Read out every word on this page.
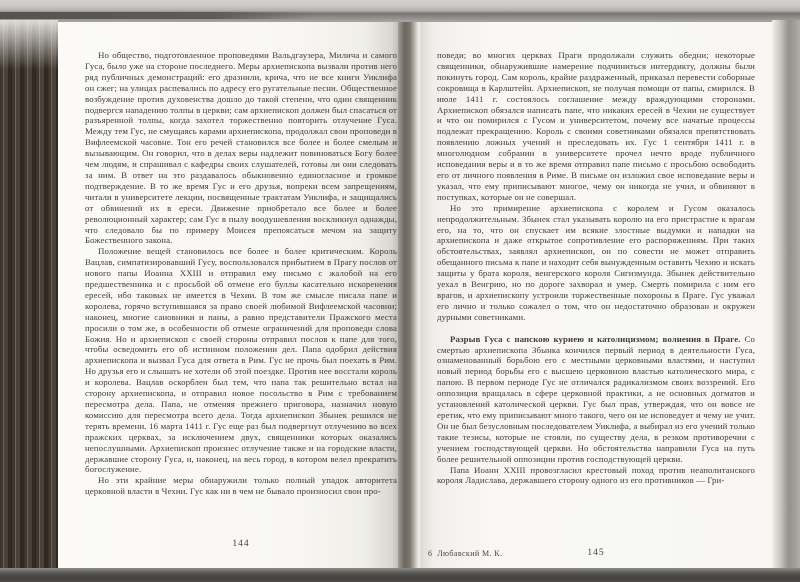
Но общество, подготовленное проповедями Вальдгаузера, Милича и самого Гуса, было уже на стороне последнего. Меры архиепископа вызвали против него ряд публичных демонстраций: его дразнили, крича, что не все книги Уиклифа он сжег; на улицах распевались по адресу его ругательные песни. Общественное возбуждение против духовенства дошло до такой степени, что один священник подвергся нападению толпы в церкви; сам архиепископ должен был спасаться от разъяренной толпы, когда захотел торжественно повторить отлучение Гуса. Между тем Гус, не смущаясь карами архиепископа, продолжал свои проповеди в Вифлеемской часовне. Тон его речей становился все более и более смелым и вызывающим. Он говорил, что в делах веры надлежит повиноваться Богу более чем людям, и спрашивал с кафедры своих слушателей, готовы ли они следовать за ним. В ответ на это раздавалось обыкновенно единогласное и громкое подтверждение. В то же время Гус и его друзья, вопреки всем запрещениям, читали в университете лекции, посвященные трактатам Уиклифа, и защищались от обвинений их в ереси. Движение приобретало все более и более революционный характер; сам Гус в пылу воодушевления воскликнул однажды, что следовало бы по примеру Моисея препоясаться мечом на защиту Божественного закона.

Положение вещей становилось все более и более критическим. Король Вацлав, симпатизировавший Гусу, воспользовался прибытием в Прагу послов от нового папы Иоанна XXIII и отправил ему письмо с жалобой на его предшественника и с просьбой об отмене его буллы касательно искоренения ересей, ибо таковых не имеется в Чехии. В том же смысле писала папе и королева, горячо вступившаяся за право своей любимой Вифлеемской часовни; наконец, многие сановники и паны, а равно представители Пражского места просили о том же, в особенности об отмене ограничений для проповеди слова Божия. Но и архиепископ с своей стороны отправил послов к папе для того, чтобы осведомить его об истинном положении дел. Папа одобрил действия архиепископа и вызвал Гуса для ответа в Рим. Гус не прочь был поехать в Рим. Но друзья его и слышать не хотели об этой поездке. Против нее восстали король и королева. Вацлав оскорблен был тем, что папа так решительно встал на сторону архиепископа, и отправил новое посольство в Рим с требованием пересмотра дела. Папа, не отменяя прежнего приговора, назначил новую комиссию для пересмотра всего дела. Тогда архиепископ Збынек решился не терять времени. 16 марта 1411 г. Гус еще раз был подвергнут отлучению во всех пражских церквах, за исключением двух, священники которых оказались непослушными. Архиепископ произнес отлучение также и на городские власти, державшие сторону Гуса, и, наконец, на весь город, в котором велел прекратить богослужение.

Но эти крайние меры обнаружили только полный упадок авторитета церковной власти в Чехии. Гус как ни в чем не бывало произносил свои про-

144

поведи; во многих церквах Праги продолжали служить обедни; некоторые священники, обнаружившие намерение подчиниться интердикту, должны были покинуть город. Сам король, крайне раздраженный, приказал перевести соборные сокровища в Карлштейн. Архиепископ, не получая помощи от папы, смирился. В июле 1411 г. состоялось соглашение между враждующими сторонами. Архиепископ обязался написать папе, что никаких ересей в Чехии не существует и что он помирился с Гусом и университетом, почему все начатые процессы подлежат прекращению. Король с своими советниками обязался препятствовать появлению ложных учений и преследовать их. Гус 1 сентября 1411 г. в многолюдном собрании в университете прочел нечто вроде публичного исповедания веры и в то же время отправил папе письмо с просьбою освободить его от личного появления в Риме. В письме он изложил свое исповедание веры и указал, что ему приписывают многое, чему он никогда не учил, и обвиняют в поступках, которые он не совершал.

Но это примирение архиепископа с королем и Гусом оказалось непродолжительным. Збынек стал указывать королю на его пристрастие к врагам его, на то, что он спускает им всякие злостные выдумки и нападки на архиепископа и даже открытое сопротивление его распоряжениям. При таких обстоятельствах, заявлял архиепископ, он по совести не может отправить обещанного письма к папе и находит себя вынужденным оставить Чехию и искать защиты у брата короля, венгерского короля Сигизмунда. Збынек действительно уехал в Венгрию, но по дороге захворал и умер. Смерть помирила с ним его врагов, и архиепископу устроили торжественные похороны в Праге. Гус уважал его лично и только сожалел о том, что он недостаточно образован и окружен дурными советниками.

Разрыв Гуса с папскою куриею и католицизмом; волнения в Праге. Со смертью архиепископа Збынка кончился первый период в деятельности Гуса, ознаменованный борьбою его с местными церковными властями, и наступил новый период борьбы его с высшею церковною властью католического мира, с папою. В первом периоде Гус не отличался радикализмом своих воззрений. Его оппозиция вращалась в сфере церковной практики, а не основных догматов и установлений католической церкви. Гус был прав, утверждая, что он вовсе не еретик, что ему приписывают много такого, чего он не исповедует и чему не учит. Он не был безусловным последователем Уиклифа, а выбирал из его учений только такие тезисы, которые не стояли, по существу дела, в резком противоречии с учением господствующей церкви. Но обстоятельства направили Гуса на путь более решительной оппозиции против господствующей церкви.

Папа Иоанн XXIII провозгласил крестовый поход против неаполитанского короля Ладислава, державшего сторону одного из его противников — Гри-

6  Любавский М. К.	145
